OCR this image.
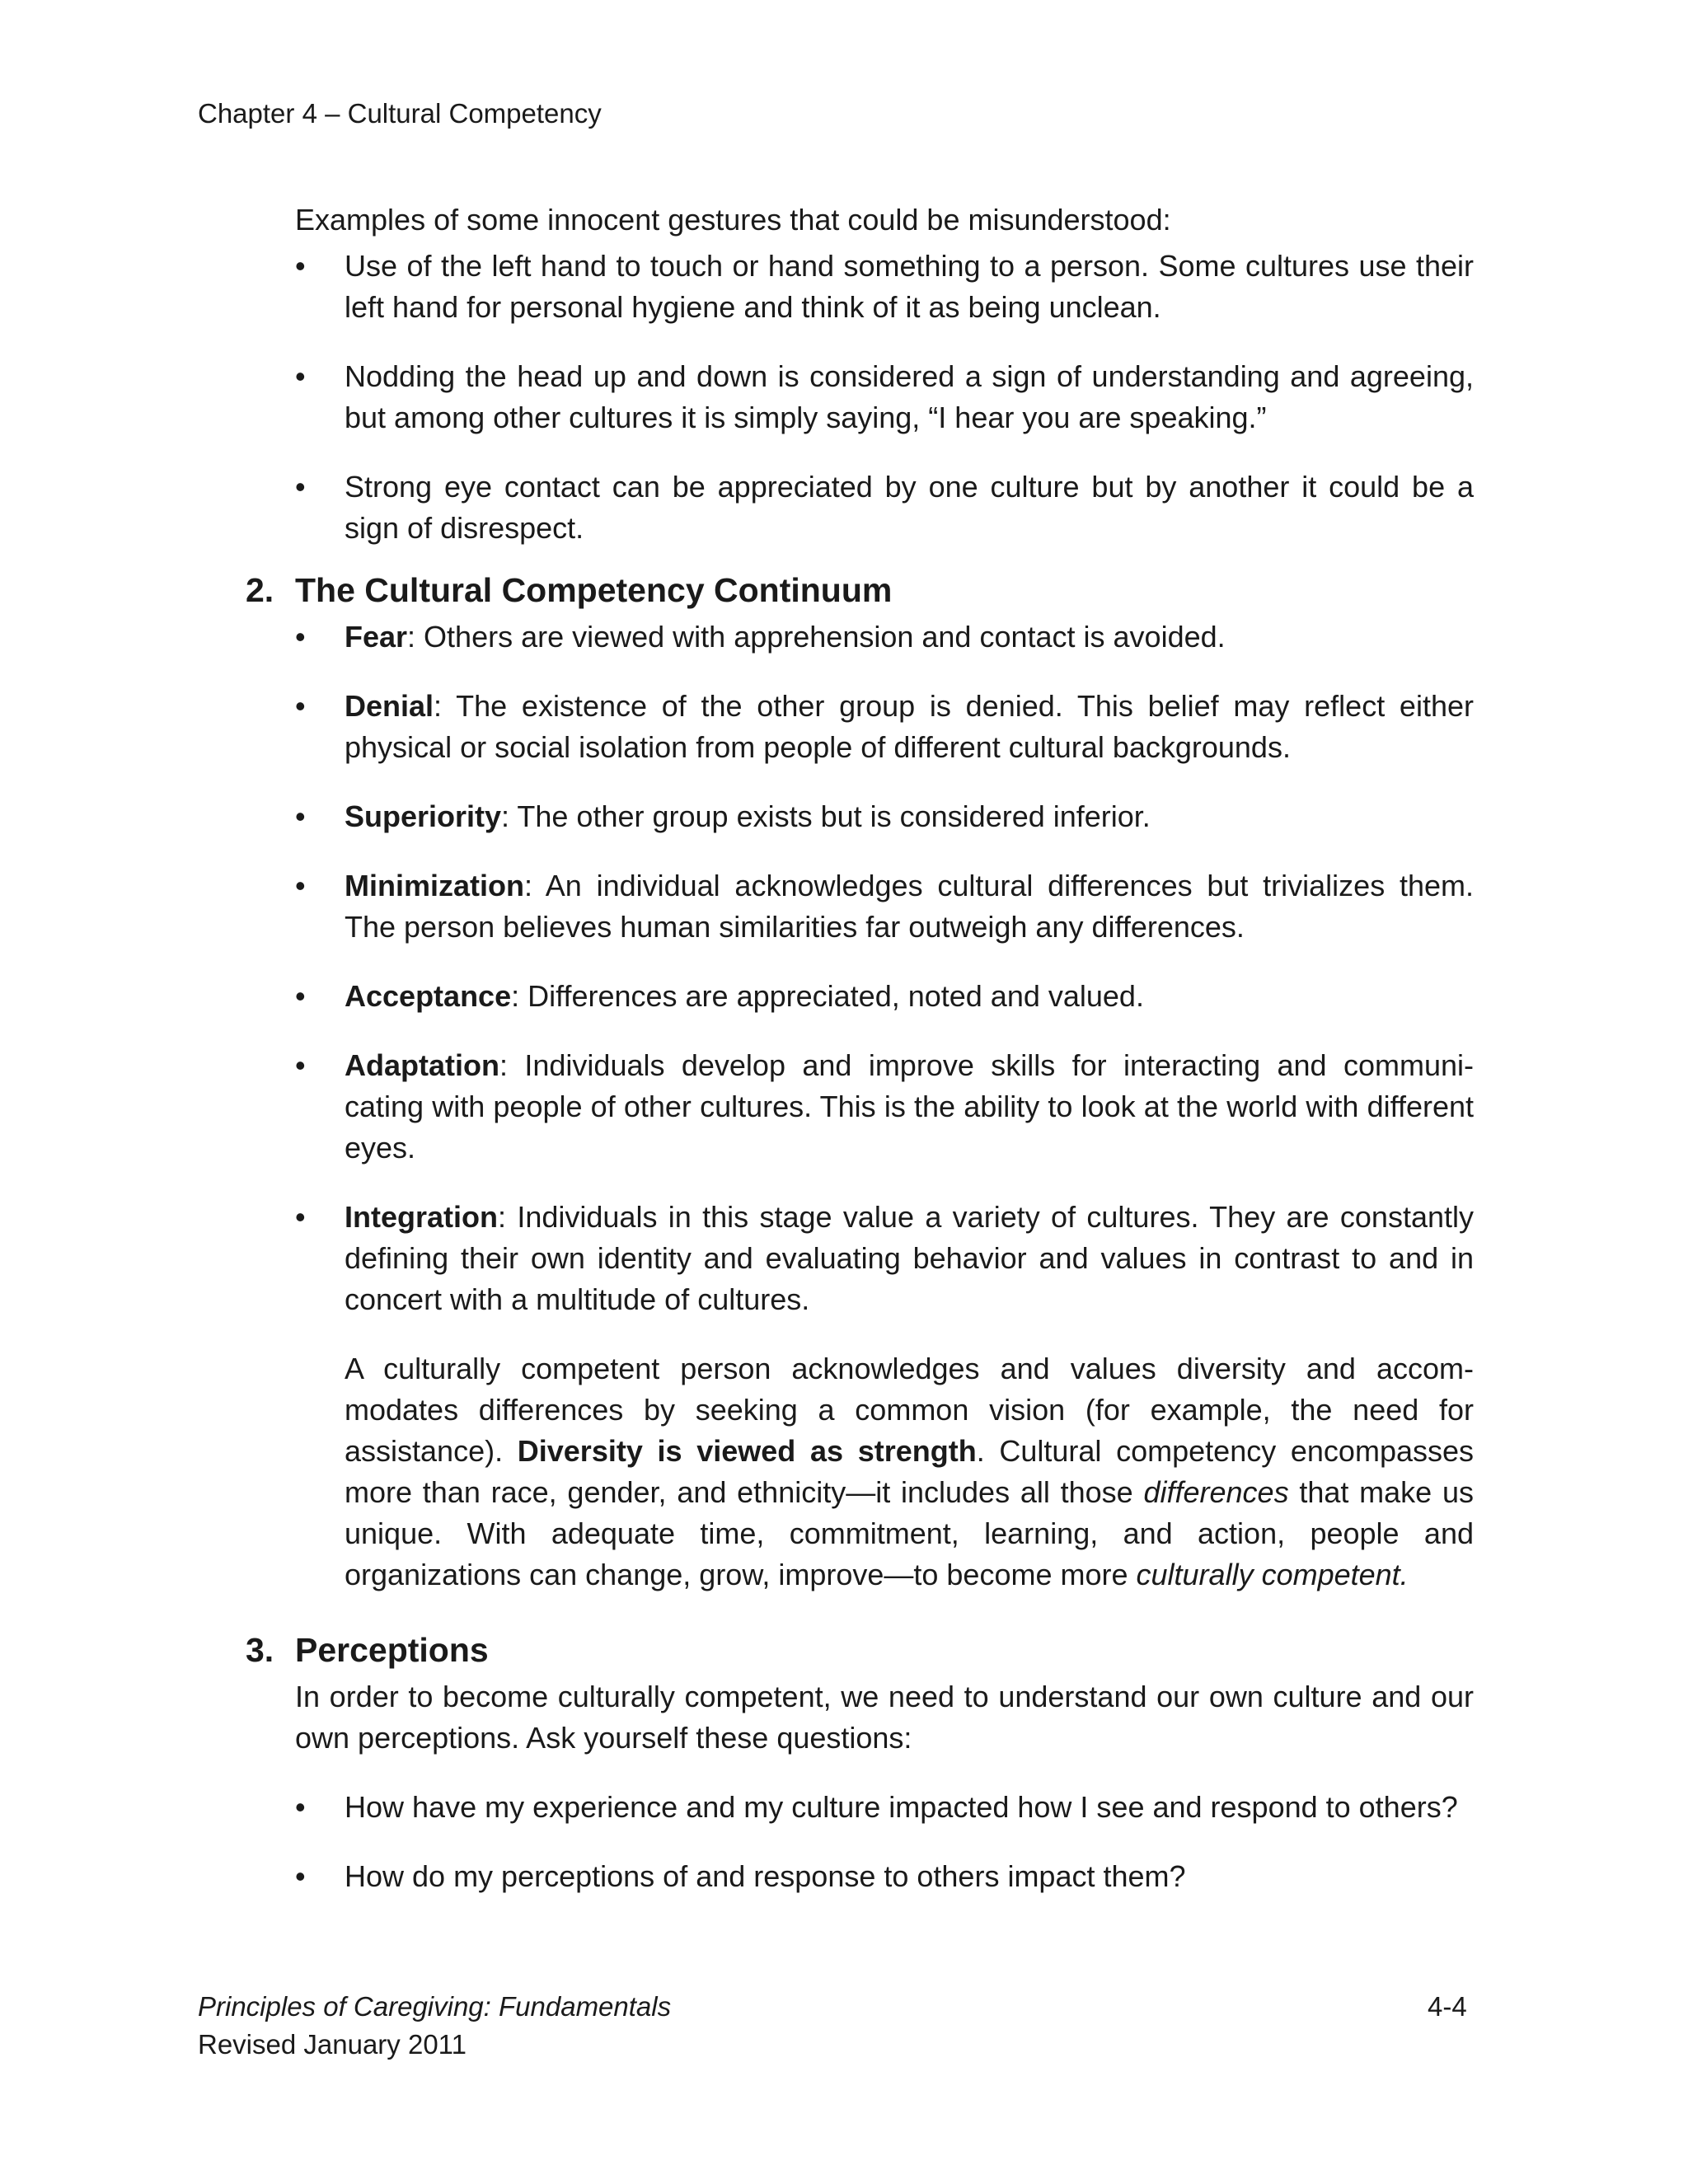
Chapter 4 – Cultural Competency

Examples of some innocent gestures that could be misunderstood:

•	Use of the left hand to touch or hand something to a person. Some cultures use their left hand for personal hygiene and think of it as being unclean.
•	Nodding the head up and down is considered a sign of understanding and agreeing, but among other cultures it is simply saying, “I hear you are speaking.”
•	Strong eye contact can be appreciated by one culture but by another it could be a sign of disrespect.
2. The Cultural Competency Continuum
•	Fear: Others are viewed with apprehension and contact is avoided.
•	Denial: The existence of the other group is denied. This belief may reflect either physical or social isolation from people of different cultural backgrounds.
•	Superiority: The other group exists but is considered inferior.
•	Minimization: An individual acknowledges cultural differences but trivializes them. The person believes human similarities far outweigh any differences.
•	Acceptance: Differences are appreciated, noted and valued.
•	Adaptation: Individuals develop and improve skills for interacting and communi-cating with people of other cultures. This is the ability to look at the world with different eyes.
•	Integration: Individuals in this stage value a variety of cultures. They are constantly defining their own identity and evaluating behavior and values in contrast to and in concert with a multitude of cultures.

A culturally competent person acknowledges and values diversity and accom-modates differences by seeking a common vision (for example, the need for assistance). Diversity is viewed as strength. Cultural competency encompasses more than race, gender, and ethnicity—it includes all those differences that make us unique. With adequate time, commitment, learning, and action, people and organizations can change, grow, improve—to become more culturally competent.

3. Perceptions

In order to become culturally competent, we need to understand our own culture and our own perceptions. Ask yourself these questions:

•	How have my experience and my culture impacted how I see and respond to others?
•	How do my perceptions of and response to others impact them?
Principles of Caregiving: Fundamentals
Revised January 2011
4-4
